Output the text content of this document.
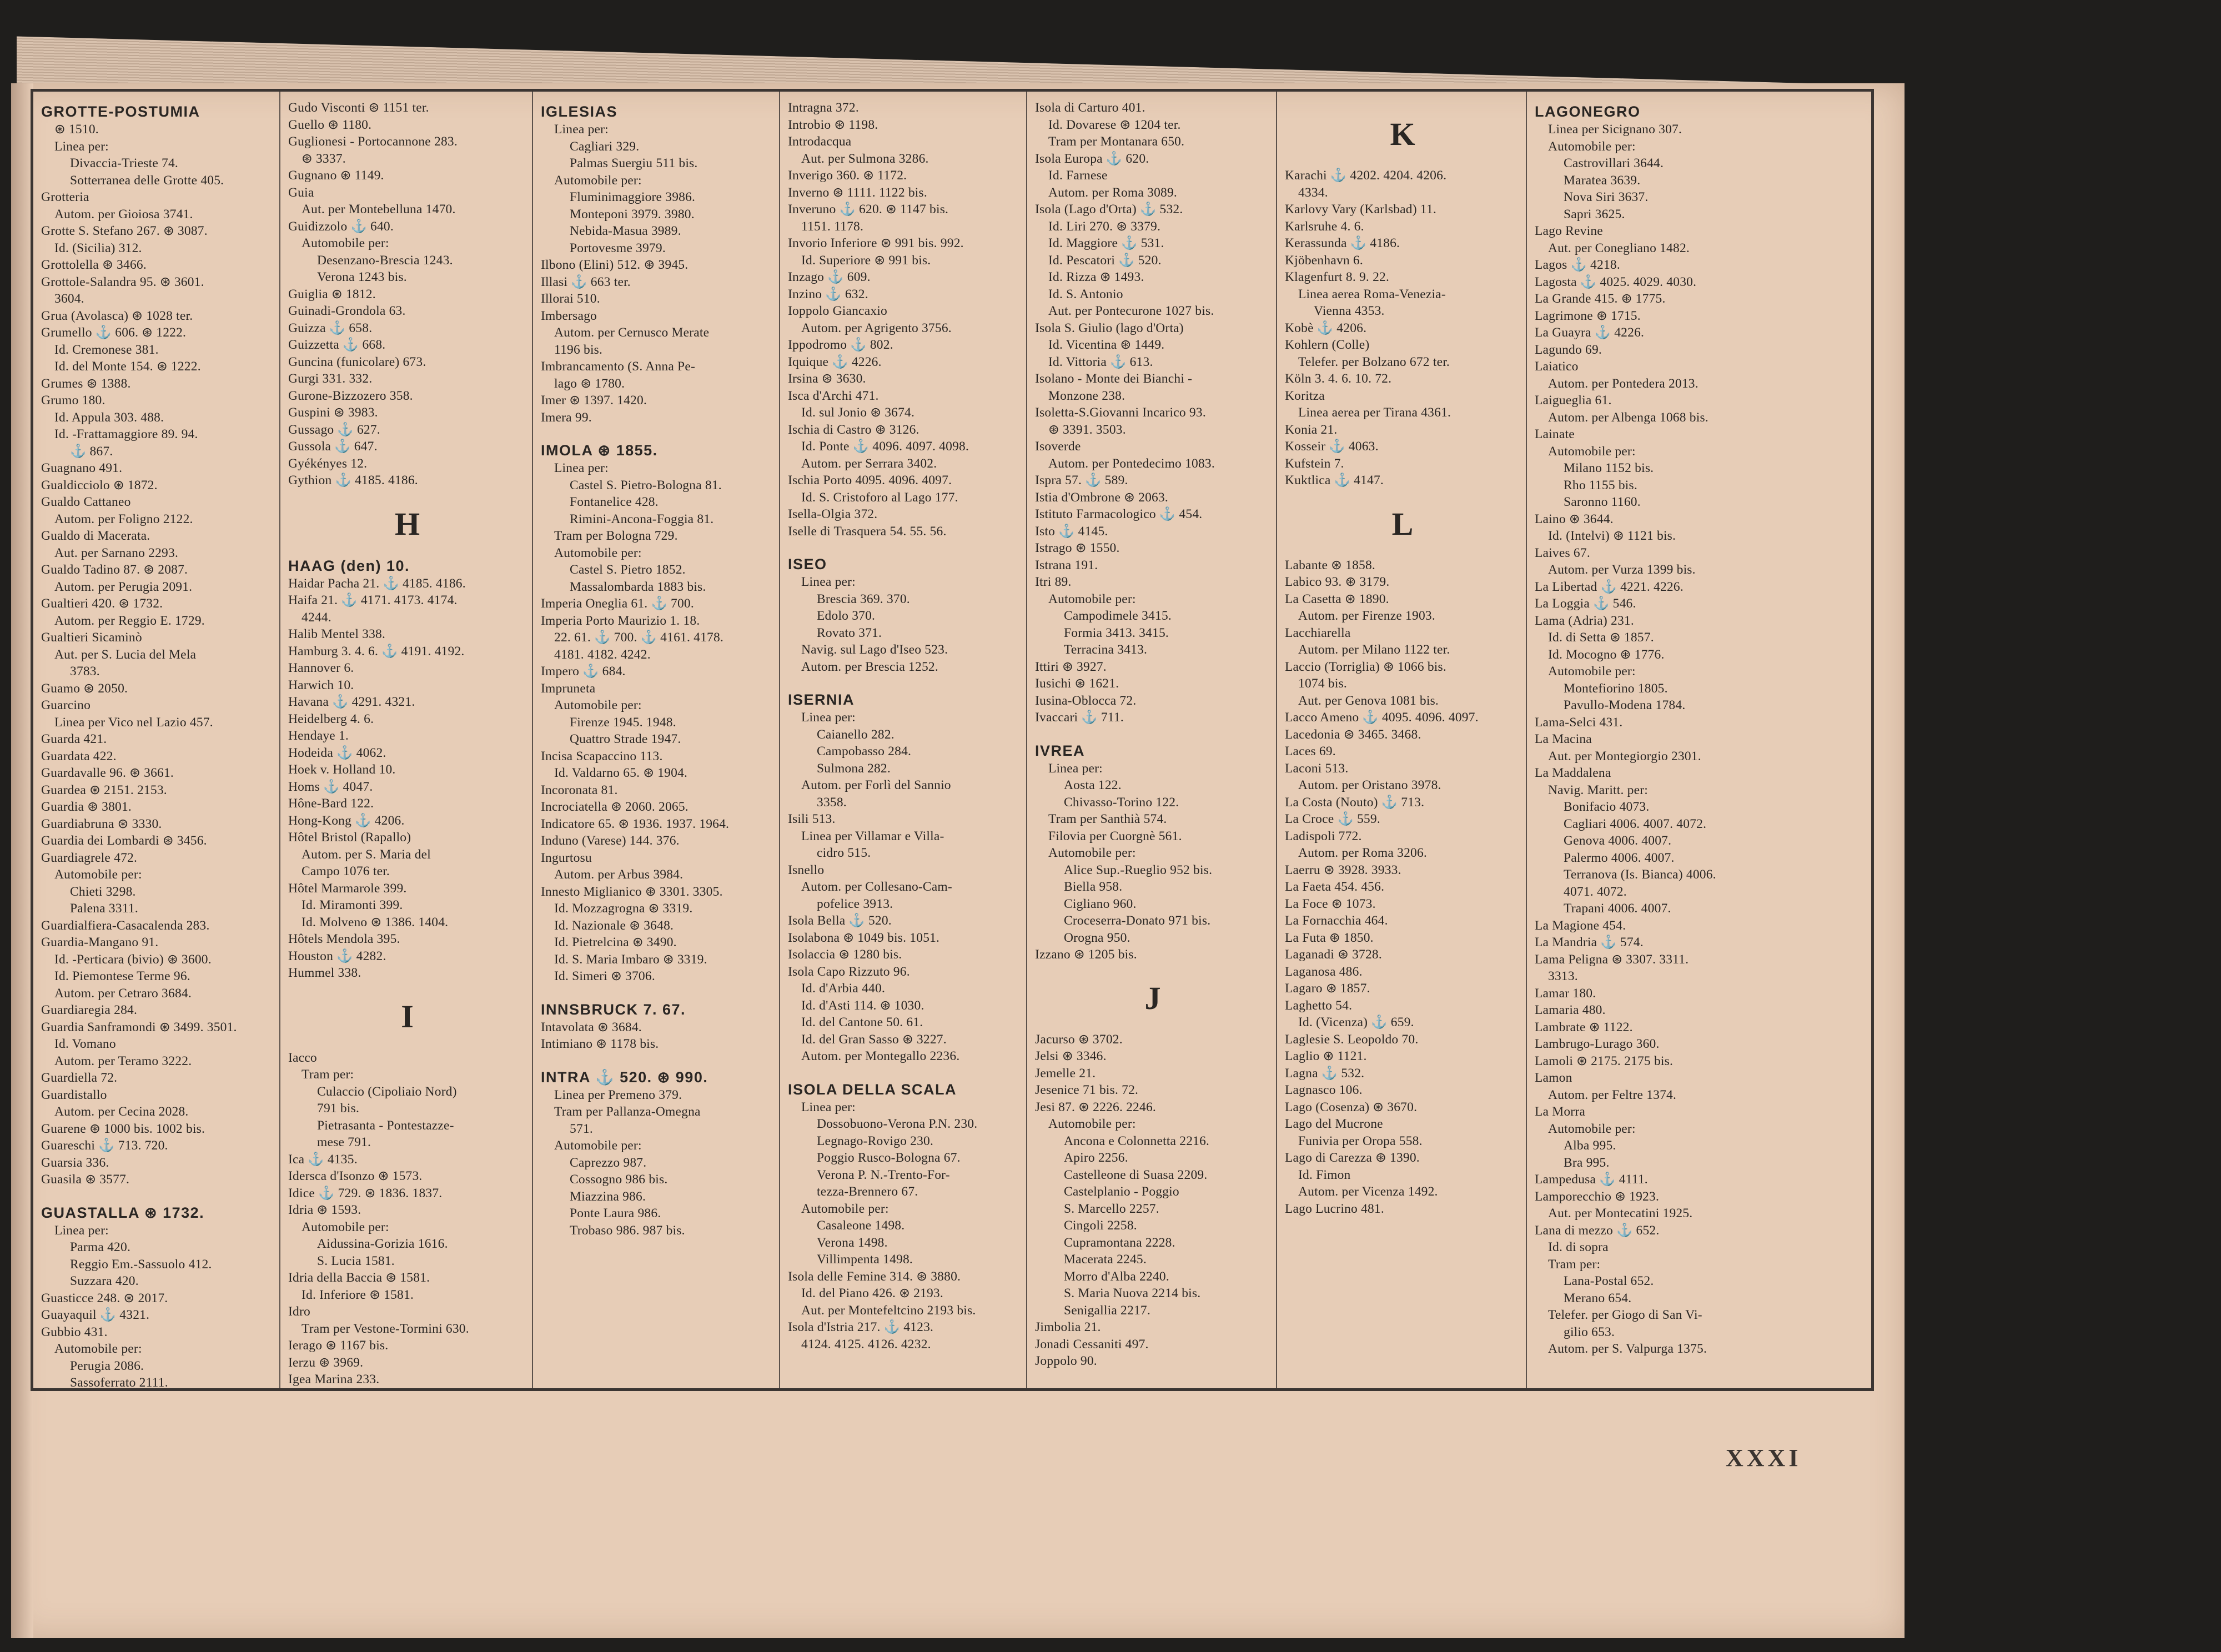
GROTTE-POSTUMIA
⊛ 1510.
Linea per:
Divaccia-Trieste 74.
Sotterranea delle Grotte 405.
Grotteria
Autom. per Gioiosa 3741.
Grotte S. Stefano 267. ⊛ 3087.
Id. (Sicilia) 312.
Grottolella ⊛ 3466.
Grottole-Salandra 95. ⊛ 3601.
3604.
Grua (Avolasca) ⊛ 1028 ter.
Grumello ⚓ 606. ⊛ 1222.
Id. Cremonese 381.
Id. del Monte 154. ⊛ 1222.
Grumes ⊛ 1388.
Grumo 180.
Id. Appula 303. 488.
Id. -Frattamaggiore 89. 94.
⚓ 867.
Guagnano 491.
Gualdicciolo ⊛ 1872.
Gualdo Cattaneo
Autom. per Foligno 2122.
Gualdo di Macerata.
Aut. per Sarnano 2293.
Gualdo Tadino 87. ⊛ 2087.
Autom. per Perugia 2091.
Gualtieri 420. ⊛ 1732.
Autom. per Reggio E. 1729.
Gualtieri Sicaminò
Aut. per S. Lucia del Mela
3783.
Guamo ⊛ 2050.
Guarcino
Linea per Vico nel Lazio 457.
Guarda 421.
Guardata 422.
Guardavalle 96. ⊛ 3661.
Guardea ⊛ 2151. 2153.
Guardia ⊛ 3801.
Guardiabruna ⊛ 3330.
Guardia dei Lombardi ⊛ 3456.
Guardiagrele 472.
Automobile per:
Chieti 3298.
Palena 3311.
Guardialfiera-Casacalenda 283.
Guardia-Mangano 91.
Id. -Perticara (bivio) ⊛ 3600.
Id. Piemontese Terme 96.
Autom. per Cetraro 3684.
Guardiaregia 284.
Guardia Sanframondi ⊛ 3499. 3501.
Id. Vomano
Autom. per Teramo 3222.
Guardiella 72.
Guardistallo
Autom. per Cecina 2028.
Guarene ⊛ 1000 bis. 1002 bis.
Guareschi ⚓ 713. 720.
Guarsia 336.
Guasila ⊛ 3577.
GUASTALLA ⊛ 1732.
Linea per:
Parma 420.
Reggio Em.-Sassuolo 412.
Suzzara 420.
Guasticce 248. ⊛ 2017.
Guayaquil ⚓ 4321.
Gubbio 431.
Automobile per:
Perugia 2086.
Sassoferrato 2111.
Gudo Visconti ⊛ 1151 ter.
Guello ⊛ 1180.
Guglionesi - Portocannone 283.
⊛ 3337.
Gugnano ⊛ 1149.
Guia
Aut. per Montebelluna 1470.
Guidizzolo ⚓ 640.
Automobile per:
Desenzano-Brescia 1243.
Verona 1243 bis.
Guiglia ⊛ 1812.
Guinadi-Grondola 63.
Guizza ⚓ 658.
Guizzetta ⚓ 668.
Guncina (funicolare) 673.
Gurgi 331. 332.
Gurone-Bizzozero 358.
Guspini ⊛ 3983.
Gussago ⚓ 627.
Gussola ⚓ 647.
Gyékényes 12.
Gythion ⚓ 4185. 4186.
H
HAAG (den) 10.
Haidar Pacha 21. ⚓ 4185. 4186.
Haifa 21. ⚓ 4171. 4173. 4174.
4244.
Halib Mentel 338.
Hamburg 3. 4. 6. ⚓ 4191. 4192.
Hannover 6.
Harwich 10.
Havana ⚓ 4291. 4321.
Heidelberg 4. 6.
Hendaye 1.
Hodeida ⚓ 4062.
Hoek v. Holland 10.
Homs ⚓ 4047.
Hône-Bard 122.
Hong-Kong ⚓ 4206.
Hôtel Bristol (Rapallo)
Autom. per S. Maria del
Campo 1076 ter.
Hôtel Marmarole 399.
Id. Miramonti 399.
Id. Molveno ⊛ 1386. 1404.
Hôtels Mendola 395.
Houston ⚓ 4282.
Hummel 338.
I
Iacco
Tram per:
Culaccio (Cipoliaio Nord)
791 bis.
Pietrasanta - Pontestazze-
mese 791.
Ica ⚓ 4135.
Idersca d'Isonzo ⊛ 1573.
Idice ⚓ 729. ⊛ 1836. 1837.
Idria ⊛ 1593.
Automobile per:
Aidussina-Gorizia 1616.
S. Lucia 1581.
Idria della Baccia ⊛ 1581.
Id. Inferiore ⊛ 1581.
Idro
Tram per Vestone-Tormini 630.
Ierago ⊛ 1167 bis.
Ierzu ⊛ 3969.
Igea Marina 233.
IGLESIAS
Linea per:
Cagliari 329.
Palmas Suergiu 511 bis.
Automobile per:
Fluminimaggiore 3986.
Monteponi 3979. 3980.
Nebida-Masua 3989.
Portovesme 3979.
Ilbono (Elini) 512. ⊛ 3945.
Illasi ⚓ 663 ter.
Illorai 510.
Imbersago
Autom. per Cernusco Merate
1196 bis.
Imbrancamento (S. Anna Pe-
lago ⊛ 1780.
Imer ⊛ 1397. 1420.
Imera 99.
IMOLA ⊛ 1855.
Linea per:
Castel S. Pietro-Bologna 81.
Fontanelice 428.
Rimini-Ancona-Foggia 81.
Tram per Bologna 729.
Automobile per:
Castel S. Pietro 1852.
Massalombarda 1883 bis.
Imperia Oneglia 61. ⚓ 700.
Imperia Porto Maurizio 1. 18.
22. 61. ⚓ 700. ⚓ 4161. 4178.
4181. 4182. 4242.
Impero ⚓ 684.
Impruneta
Automobile per:
Firenze 1945. 1948.
Quattro Strade 1947.
Incisa Scapaccino 113.
Id. Valdarno 65. ⊛ 1904.
Incoronata 81.
Incrociatella ⊛ 2060. 2065.
Indicatore 65. ⊛ 1936. 1937. 1964.
Induno (Varese) 144. 376.
Ingurtosu
Autom. per Arbus 3984.
Innesto Miglianico ⊛ 3301. 3305.
Id. Mozzagrogna ⊛ 3319.
Id. Nazionale ⊛ 3648.
Id. Pietrelcina ⊛ 3490.
Id. S. Maria Imbaro ⊛ 3319.
Id. Simeri ⊛ 3706.
INNSBRUCK 7. 67.
Intavolata ⊛ 3684.
Intimiano ⊛ 1178 bis.
INTRA ⚓ 520. ⊛ 990.
Linea per Premeno 379.
Tram per Pallanza-Omegna
571.
Automobile per:
Caprezzo 987.
Cossogno 986 bis.
Miazzina 986.
Ponte Laura 986.
Trobaso 986. 987 bis.
Intragna 372.
Introbio ⊛ 1198.
Introdacqua
Aut. per Sulmona 3286.
Inverigo 360. ⊛ 1172.
Inverno ⊛ 1111. 1122 bis.
Inveruno ⚓ 620. ⊛ 1147 bis.
1151. 1178.
Invorio Inferiore ⊛ 991 bis. 992.
Id. Superiore ⊛ 991 bis.
Inzago ⚓ 609.
Inzino ⚓ 632.
Ioppolo Giancaxio
Autom. per Agrigento 3756.
Ippodromo ⚓ 802.
Iquique ⚓ 4226.
Irsina ⊛ 3630.
Isca d'Archi 471.
Id. sul Jonio ⊛ 3674.
Ischia di Castro ⊛ 3126.
Id. Ponte ⚓ 4096. 4097. 4098.
Autom. per Serrara 3402.
Ischia Porto 4095. 4096. 4097.
Id. S. Cristoforo al Lago 177.
Isella-Olgia 372.
Iselle di Trasquera 54. 55. 56.
ISEO
Linea per:
Brescia 369. 370.
Edolo 370.
Rovato 371.
Navig. sul Lago d'Iseo 523.
Autom. per Brescia 1252.
ISERNIA
Linea per:
Caianello 282.
Campobasso 284.
Sulmona 282.
Autom. per Forlì del Sannio
3358.
Isili 513.
Linea per Villamar e Villa-
cidro 515.
Isnello
Autom. per Collesano-Cam-
pofelice 3913.
Isola Bella ⚓ 520.
Isolabona ⊛ 1049 bis. 1051.
Isolaccia ⊛ 1280 bis.
Isola Capo Rizzuto 96.
Id. d'Arbia 440.
Id. d'Asti 114. ⊛ 1030.
Id. del Cantone 50. 61.
Id. del Gran Sasso ⊛ 3227.
Autom. per Montegallo 2236.
ISOLA DELLA SCALA
Linea per:
Dossobuono-Verona P.N. 230.
Legnago-Rovigo 230.
Poggio Rusco-Bologna 67.
Verona P. N.-Trento-For-
tezza-Brennero 67.
Automobile per:
Casaleone 1498.
Verona 1498.
Villimpenta 1498.
Isola delle Femine 314. ⊛ 3880.
Id. del Piano 426. ⊛ 2193.
Aut. per Montefeltcino 2193 bis.
Isola d'Istria 217. ⚓ 4123.
4124. 4125. 4126. 4232.
Isola di Carturo 401.
Id. Dovarese ⊛ 1204 ter.
Tram per Montanara 650.
Isola Europa ⚓ 620.
Id. Farnese
Autom. per Roma 3089.
Isola (Lago d'Orta) ⚓ 532.
Id. Liri 270. ⊛ 3379.
Id. Maggiore ⚓ 531.
Id. Pescatori ⚓ 520.
Id. Rizza ⊛ 1493.
Id. S. Antonio
Aut. per Pontecurone 1027 bis.
Isola S. Giulio (lago d'Orta)
Id. Vicentina ⊛ 1449.
Id. Vittoria ⚓ 613.
Isolano - Monte dei Bianchi -
Monzone 238.
Isoletta-S.Giovanni Incarico 93.
⊛ 3391. 3503.
Isoverde
Autom. per Pontedecimo 1083.
Ispra 57. ⚓ 589.
Istia d'Ombrone ⊛ 2063.
Istituto Farmacologico ⚓ 454.
Isto ⚓ 4145.
Istrago ⊛ 1550.
Istrana 191.
Itri 89.
Automobile per:
Campodimele 3415.
Formia 3413. 3415.
Terracina 3413.
Ittiri ⊛ 3927.
Iusichi ⊛ 1621.
Iusina-Oblocca 72.
Ivaccari ⚓ 711.
IVREA
Linea per:
Aosta 122.
Chivasso-Torino 122.
Tram per Santhià 574.
Filovia per Cuorgnè 561.
Automobile per:
Alice Sup.-Rueglio 952 bis.
Biella 958.
Cigliano 960.
Croceserra-Donato 971 bis.
Orogna 950.
Izzano ⊛ 1205 bis.
J
Jacurso ⊛ 3702.
Jelsi ⊛ 3346.
Jemelle 21.
Jesenice 71 bis. 72.
Jesi 87. ⊛ 2226. 2246.
Automobile per:
Ancona e Colonnetta 2216.
Apiro 2256.
Castelleone di Suasa 2209.
Castelplanio - Poggio
S. Marcello 2257.
Cingoli 2258.
Cupramontana 2228.
Macerata 2245.
Morro d'Alba 2240.
S. Maria Nuova 2214 bis.
Senigallia 2217.
Jimbolia 21.
Jonadi Cessaniti 497.
Joppolo 90.
K
Karachi ⚓ 4202. 4204. 4206.
4334.
Karlovy Vary (Karlsbad) 11.
Karlsruhe 4. 6.
Kerassunda ⚓ 4186.
Kjöbenhavn 6.
Klagenfurt 8. 9. 22.
Linea aerea Roma-Venezia-
Vienna 4353.
Kobè ⚓ 4206.
Kohlern (Colle)
Telefer. per Bolzano 672 ter.
Köln 3. 4. 6. 10. 72.
Koritza
Linea aerea per Tirana 4361.
Konia 21.
Kosseir ⚓ 4063.
Kufstein 7.
Kuktlica ⚓ 4147.
L
Labante ⊛ 1858.
Labico 93. ⊛ 3179.
La Casetta ⊛ 1890.
Autom. per Firenze 1903.
Lacchiarella
Autom. per Milano 1122 ter.
Laccio (Torriglia) ⊛ 1066 bis.
1074 bis.
Aut. per Genova 1081 bis.
Lacco Ameno ⚓ 4095. 4096. 4097.
Lacedonia ⊛ 3465. 3468.
Laces 69.
Laconi 513.
Autom. per Oristano 3978.
La Costa (Nouto) ⚓ 713.
La Croce ⚓ 559.
Ladispoli 772.
Autom. per Roma 3206.
Laerru ⊛ 3928. 3933.
La Faeta 454. 456.
La Foce ⊛ 1073.
La Fornacchia 464.
La Futa ⊛ 1850.
Laganadi ⊛ 3728.
Laganosa 486.
Lagaro ⊛ 1857.
Laghetto 54.
Id. (Vicenza) ⚓ 659.
Laglesie S. Leopoldo 70.
Laglio ⊛ 1121.
Lagna ⚓ 532.
Lagnasco 106.
Lago (Cosenza) ⊛ 3670.
Lago del Mucrone
Funivia per Oropa 558.
Lago di Carezza ⊛ 1390.
Id. Fimon
Autom. per Vicenza 1492.
Lago Lucrino 481.
LAGONEGRO
Linea per Sicignano 307.
Automobile per:
Castrovillari 3644.
Maratea 3639.
Nova Siri 3637.
Sapri 3625.
Lago Revine
Aut. per Conegliano 1482.
Lagos ⚓ 4218.
Lagosta ⚓ 4025. 4029. 4030.
La Grande 415. ⊛ 1775.
Lagrimone ⊛ 1715.
La Guayra ⚓ 4226.
Lagundo 69.
Laiatico
Autom. per Pontedera 2013.
Laigueglia 61.
Autom. per Albenga 1068 bis.
Lainate
Automobile per:
Milano 1152 bis.
Rho 1155 bis.
Saronno 1160.
Laino ⊛ 3644.
Id. (Intelvi) ⊛ 1121 bis.
Laives 67.
Autom. per Vurza 1399 bis.
La Libertad ⚓ 4221. 4226.
La Loggia ⚓ 546.
Lama (Adria) 231.
Id. di Setta ⊛ 1857.
Id. Mocogno ⊛ 1776.
Automobile per:
Montefiorino 1805.
Pavullo-Modena 1784.
Lama-Selci 431.
La Macina
Aut. per Montegiorgio 2301.
La Maddalena
Navig. Maritt. per:
Bonifacio 4073.
Cagliari 4006. 4007. 4072.
Genova 4006. 4007.
Palermo 4006. 4007.
Terranova (Is. Bianca) 4006.
4071. 4072.
Trapani 4006. 4007.
La Magione 454.
La Mandria ⚓ 574.
Lama Peligna ⊛ 3307. 3311.
3313.
Lamar 180.
Lamaria 480.
Lambrate ⊛ 1122.
Lambrugo-Lurago 360.
Lamoli ⊛ 2175. 2175 bis.
Lamon
Autom. per Feltre 1374.
La Morra
Automobile per:
Alba 995.
Bra 995.
Lampedusa ⚓ 4111.
Lamporecchio ⊛ 1923.
Aut. per Montecatini 1925.
Lana di mezzo ⚓ 652.
Id. di sopra
Tram per:
Lana-Postal 652.
Merano 654.
Telefer. per Giogo di San Vi-
gilio 653.
Autom. per S. Valpurga 1375.
XXXI
